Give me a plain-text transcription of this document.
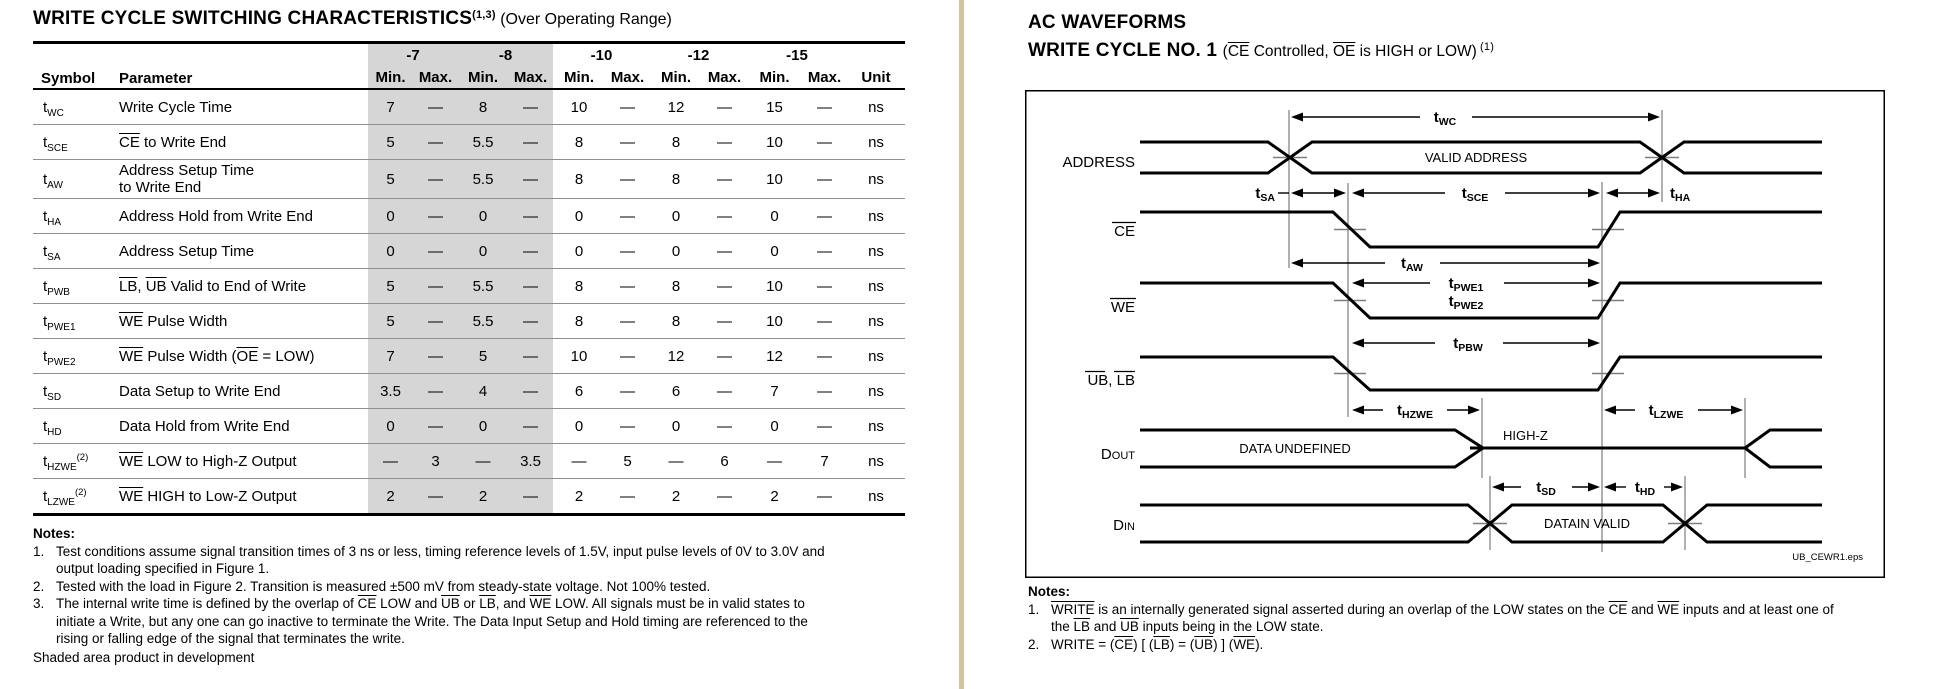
WRITE CYCLE SWITCHING CHARACTERISTICS$^{(1,3)}$ (Over Operating Range)
		-7		-8		-10		-12		-15		
Symbol	Parameter	Min.	Max.	Min.	Max.	Min.	Max.	Min.	Max.	Min.	Max.	Unit
$t_{WC}$	Write Cycle Time	7	—	8	—	10	—	12	—	15	—	ns
$t_{SCE}$	$\overline{CE}$ to Write End	5	—	5.5	—	8	—	8	—	10	—	ns
$t_{AW}$	Address Setup Time
to Write End	5	—	5.5	—	8	—	8	—	10	—	ns
$t_{HA}$	Address Hold from Write End	0	—	0	—	0	—	0	—	0	—	ns
$t_{SA}$	Address Setup Time	0	—	0	—	0	—	0	—	0	—	ns
$t_{PWB}$	$\overline{LB}$, $\overline{UB}$ Valid to End of Write	5	—	5.5	—	8	—	8	—	10	—	ns
$t_{PWE1}$	$\overline{WE}$ Pulse Width	5	—	5.5	—	8	—	8	—	10	—	ns
$t_{PWE2}$	$\overline{WE}$ Pulse Width $(\overline{OE} = LOW)$	7	—	5	—	10	—	12	—	12	—	ns
$t_{SD}$	Data Setup to Write End	3.5	—	4	—	6	—	6	—	7	—	ns
$t_{HD}$	Data Hold from Write End	0	—	0	—	0	—	0	—	0	—	ns
$t_{HZWE}^{(2)}$	$\overline{WE}$ LOW to High-Z Output	—	3	—	3.5	—	5	—	6	—	7	ns
$t_{LZWE}^{(2)}$	$\overline{WE}$ HIGH to Low-Z Output	2	—	2	—	2	—	2	—	2	—	ns
Notes:
1. Test conditions assume signal transition times of 3 ns or less, timing reference levels of 1.5V, input pulse levels of 0V to 3.0V and
output loading specified in Figure 1.
2. Tested with the load in Figure 2. Transition is measured ±500 mV from steady-state voltage. Not 100% tested.
3. The internal write time is defined by the overlap of $\overline{CE}$ LOW and $\overline{UB}$ or $\overline{LB}$, and $\overline{WE}$ LOW. All signals must be in valid states to
initiate a Write, but any one can go inactive to terminate the Write. The Data Input Setup and Hold timing are referenced to the
rising or falling edge of the signal that terminates the write.
Shaded area product in development
AC WAVEFORMS
WRITE CYCLE NO. 1 ($\overline{CE}$ Controlled, $\overline{OE}$ is HIGH or LOW) $^{(1)}$
ADDRESS
CE
WE
UB, LB
DOUT
DIN
VALID ADDRESS
DATA UNDEFINED
HIGH-Z
DATAIN VALID
UB_CEWR1.eps
$t_{WC}$
$t_{SA}$	$t_{SCE}$	$t_{HA}$
$t_{AW}$
$t_{PWE1}$
$t_{PWE2}$
$t_{PBW}$
$t_{HZWE}$	$t_{LZWE}$
$t_{SD}$	$t_{HD}$
Notes:
1. WRITE is an internally generated signal asserted during an overlap of the LOW states on the $\overline{CE}$ and $\overline{WE}$ inputs and at least one of
the $\overline{LB}$ and $\overline{UB}$ inputs being in the LOW state.
2. WRITE = $(\overline{CE})$ [ $(\overline{LB}) = (\overline{UB})$ ] $(\overline{WE})$.
